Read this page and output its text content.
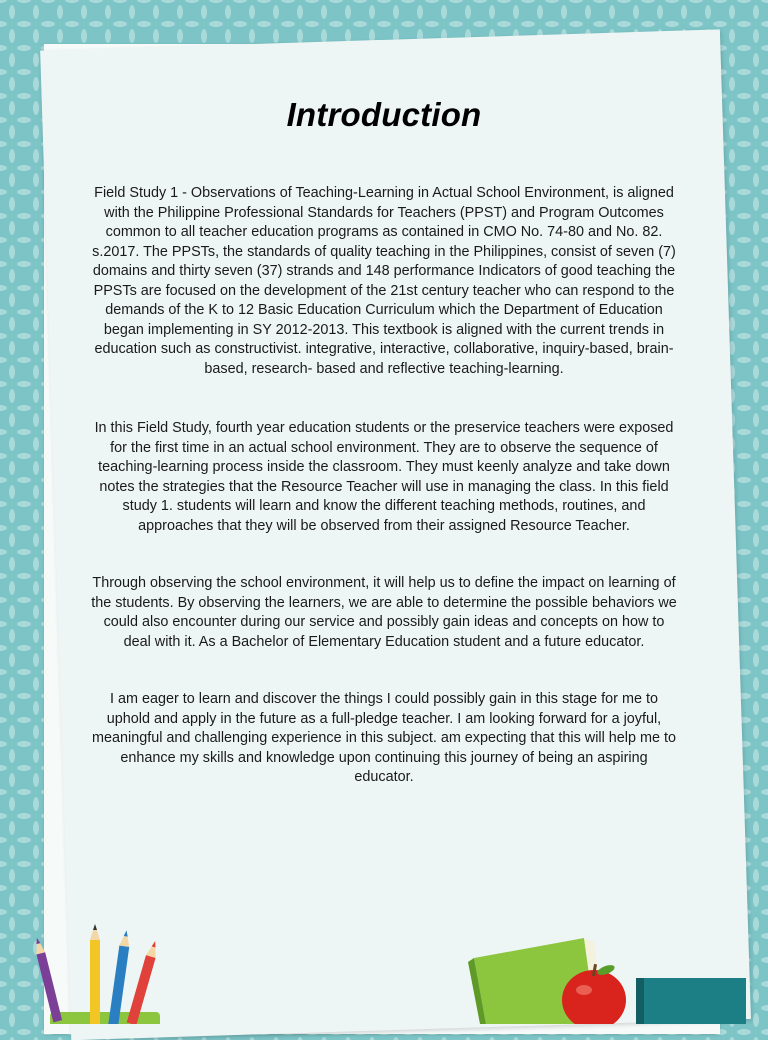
Introduction

Field Study 1 - Observations of Teaching-Learning in Actual School Environment, is aligned with the Philippine Professional Standards for Teachers (PPST) and Program Outcomes common to all teacher education programs as contained in CMO No. 74-80 and No. 82. s.2017. The PPSTs, the standards of quality teaching in the Philippines, consist of seven (7) domains and thirty seven (37) strands and 148 performance Indicators of good teaching the PPSTs are focused on the development of the 21st century teacher who can respond to the demands of the K to 12 Basic Education Curriculum which the Department of Education began implementing in SY 2012-2013. This textbook is aligned with the current trends in education such as constructivist. integrative, interactive, collaborative, inquiry-based, brain-based, research- based and reflective teaching-learning.

In this Field Study, fourth year education students or the preservice teachers were exposed for the first time in an actual school environment. They are to observe the sequence of teaching-learning process inside the classroom. They must keenly analyze and take down notes the strategies that the Resource Teacher will use in managing the class. In this field study 1. students will learn and know the different teaching methods, routines, and approaches that they will be observed from their assigned Resource Teacher.

Through observing the school environment, it will help us to define the impact on learning of the students. By observing the learners, we are able to determine the possible behaviors we could also encounter during our service and possibly gain ideas and concepts on how to deal with it. As a Bachelor of Elementary Education student and a future educator.

I am eager to learn and discover the things I could possibly gain in this stage for me to uphold and apply in the future as a full-pledge teacher. I am looking forward for a joyful, meaningful and challenging experience in this subject. am expecting that this will help me to enhance my skills and knowledge upon continuing this journey of being an aspiring educator.
